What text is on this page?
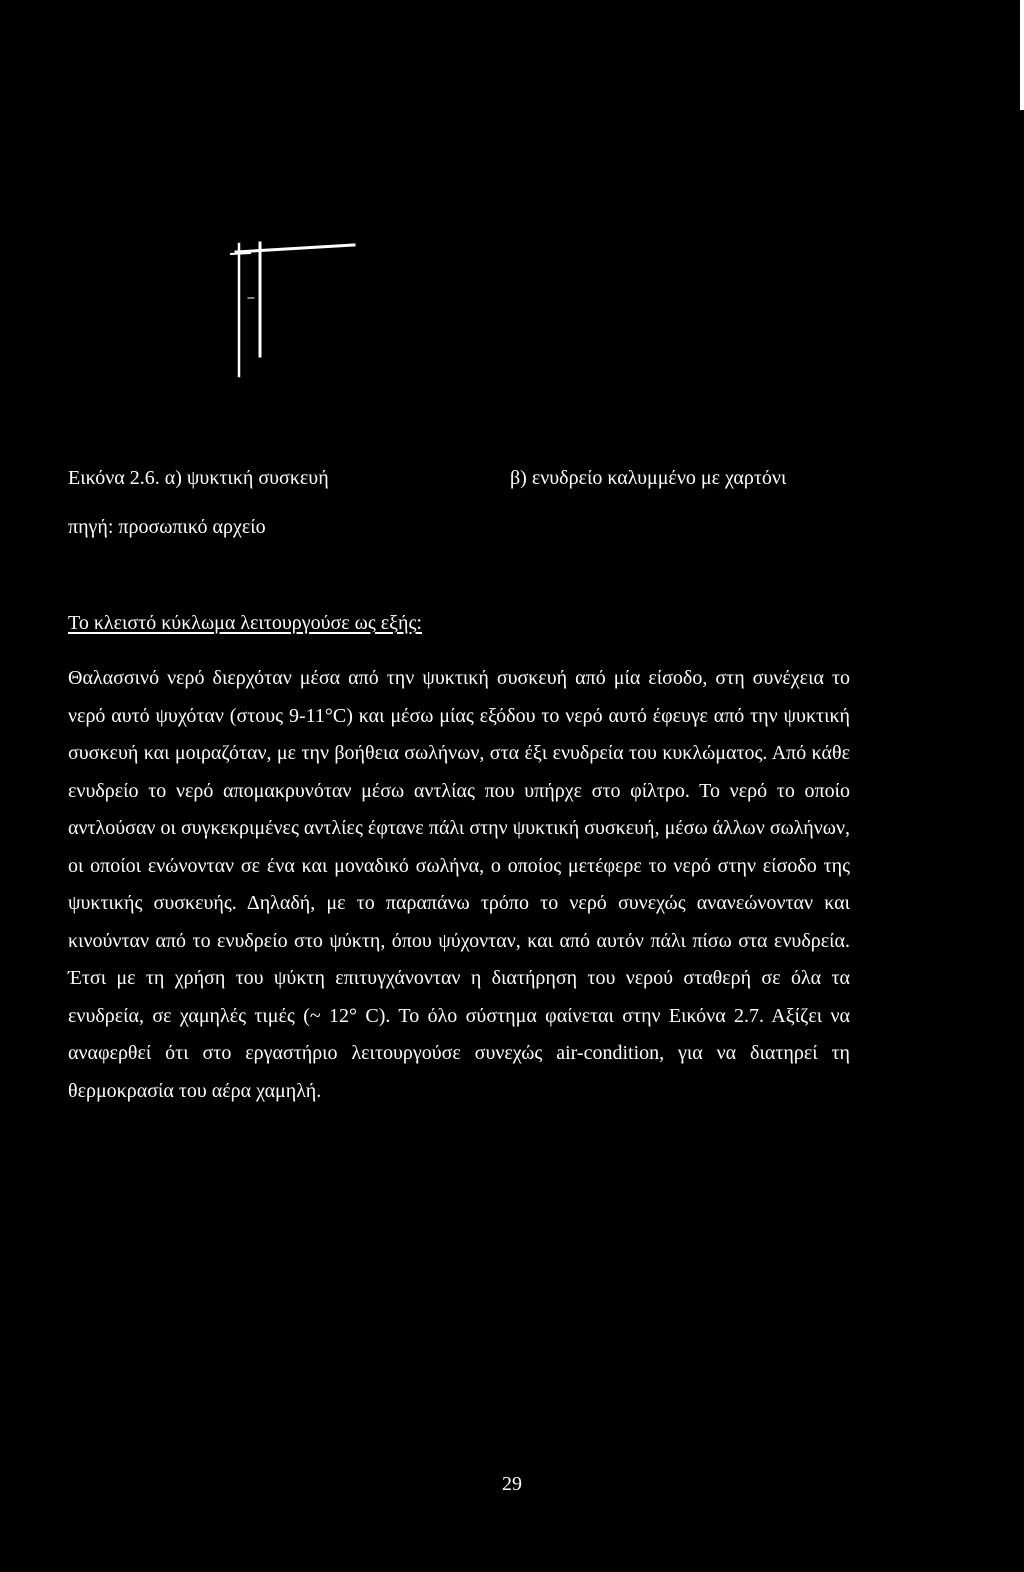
Εικόνα 2.6. α) ψυκτική συσκευή	β) ενυδρείο καλυμμένο με χαρτόνι
πηγή: προσωπικό αρχείο
Το κλειστό κύκλωμα λειτουργούσε ως εξής:
Θαλασσινό νερό διερχόταν μέσα από την ψυκτική συσκευή από μία είσοδο, στη συνέχεια το νερό αυτό ψυχόταν (στους 9-11°C) και μέσω μίας εξόδου το νερό αυτό έφευγε από την ψυκτική συσκευή και μοιραζόταν, με την βοήθεια σωλήνων, στα έξι ενυδρεία του κυκλώματος. Από κάθε ενυδρείο το νερό απομακρυνόταν μέσω αντλίας που υπήρχε στο φίλτρο. Το νερό το οποίο αντλούσαν οι συγκεκριμένες αντλίες έφτανε πάλι στην ψυκτική συσκευή, μέσω άλλων σωλήνων, οι οποίοι ενώνονταν σε ένα και μοναδικό σωλήνα, ο οποίος μετέφερε το νερό στην είσοδο της ψυκτικής συσκευής. Δηλαδή, με το παραπάνω τρόπο το νερό συνεχώς ανανεώνονταν και κινούνταν από το ενυδρείο στο ψύκτη, όπου ψύχονταν, και από αυτόν πάλι πίσω στα ενυδρεία. Έτσι με τη χρήση του ψύκτη επιτυγχάνονταν η διατήρηση του νερού σταθερή σε όλα τα ενυδρεία, σε χαμηλές τιμές (~ 12° C). Το όλο σύστημα φαίνεται στην Εικόνα 2.7. Αξίζει να αναφερθεί ότι στο εργαστήριο λειτουργούσε συνεχώς air-condition, για να διατηρεί τη θερμοκρασία του αέρα χαμηλή.
29
